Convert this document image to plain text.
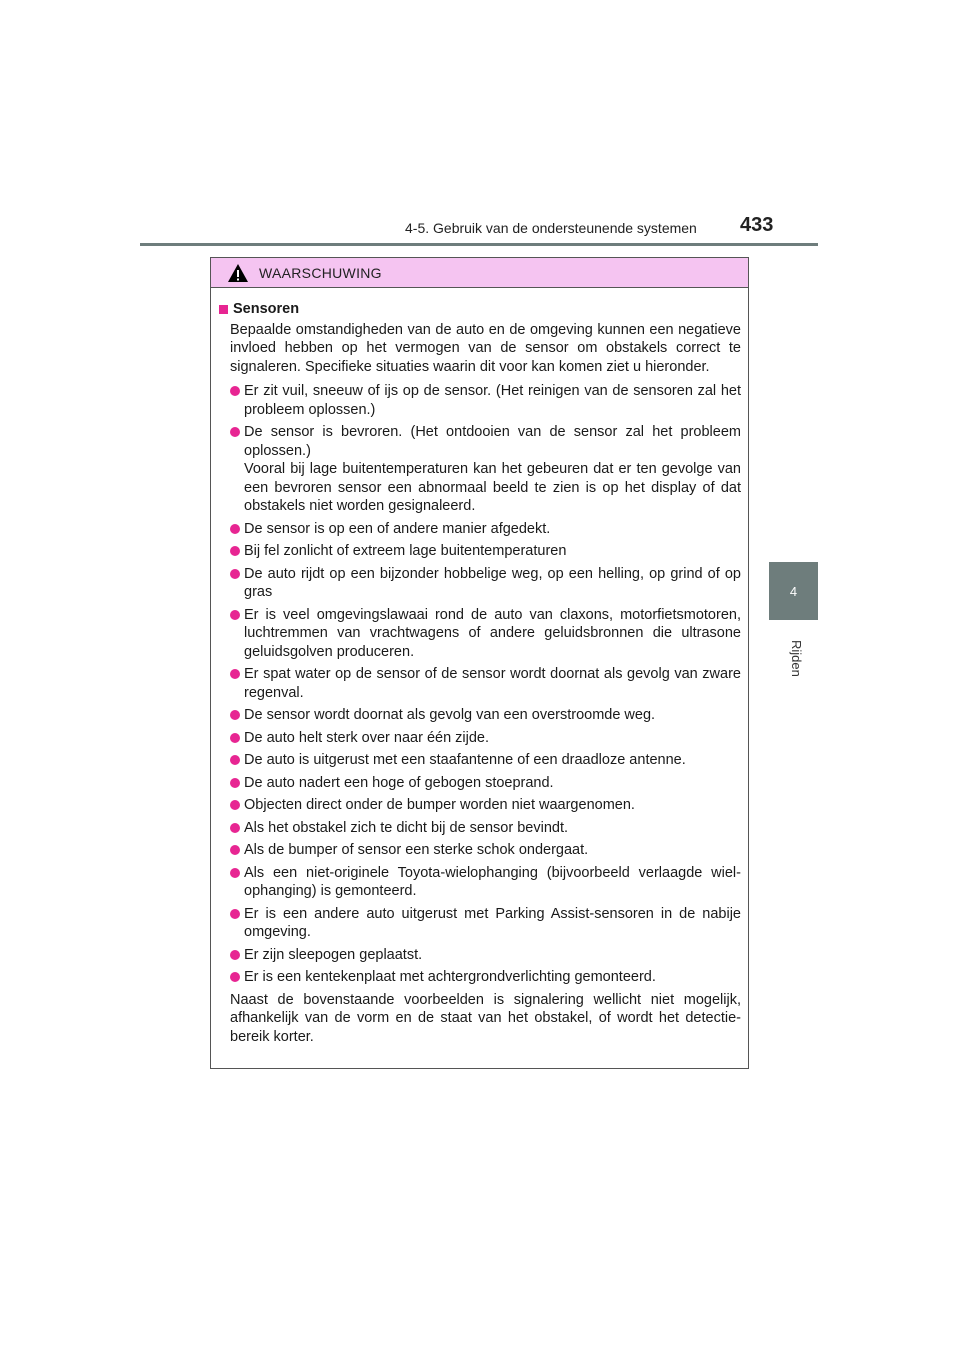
4-5. Gebruik van de ondersteunende systemen	433
4
Rijden
WAARSCHUWING
Sensoren

Bepaalde omstandigheden van de auto en de omgeving kunnen een negatieve invloed hebben op het vermogen van de sensor om obstakels correct te signaleren. Specifieke situaties waarin dit voor kan komen ziet u hieronder.

Er zit vuil, sneeuw of ijs op de sensor. (Het reinigen van de sensoren zal het probleem oplossen.)
De sensor is bevroren. (Het ontdooien van de sensor zal het probleem oplossen.)
Vooral bij lage buitentemperaturen kan het gebeuren dat er ten gevolge van een bevroren sensor een abnormaal beeld te zien is op het display of dat obstakels niet worden gesignaleerd.
De sensor is op een of andere manier afgedekt.
Bij fel zonlicht of extreem lage buitentemperaturen
De auto rijdt op een bijzonder hobbelige weg, op een helling, op grind of op gras
Er is veel omgevingslawaai rond de auto van claxons, motorfietsmotoren, luchtremmen van vrachtwagens of andere geluidsbronnen die ultrasone geluidsgolven produceren.
Er spat water op de sensor of de sensor wordt doornat als gevolg van zware regenval.
De sensor wordt doornat als gevolg van een overstroomde weg.
De auto helt sterk over naar één zijde.
De auto is uitgerust met een staafantenne of een draadloze antenne.
De auto nadert een hoge of gebogen stoeprand.
Objecten direct onder de bumper worden niet waargenomen.
Als het obstakel zich te dicht bij de sensor bevindt.
Als de bumper of sensor een sterke schok ondergaat.
Als een niet-originele Toyota-wielophanging (bijvoorbeeld verlaagde wielophanging) is gemonteerd.
Er is een andere auto uitgerust met Parking Assist-sensoren in de nabije omgeving.
Er zijn sleepogen geplaatst.
Er is een kentekenplaat met achtergrondverlichting gemonteerd.

Naast de bovenstaande voorbeelden is signalering wellicht niet mogelijk, afhankelijk van de vorm en de staat van het obstakel, of wordt het detectiebereik korter.
